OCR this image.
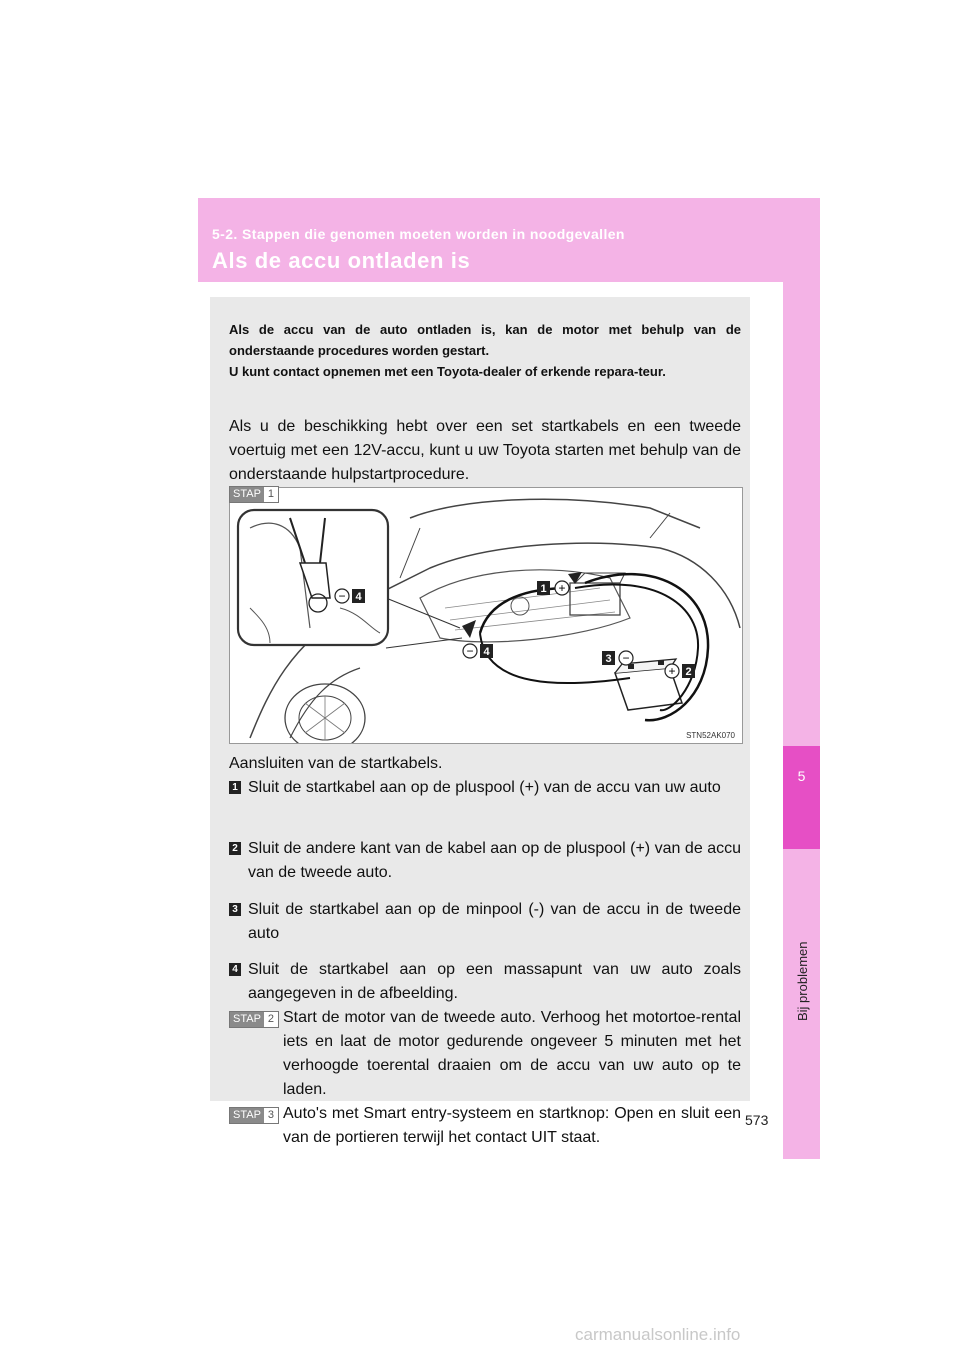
5-2. Stappen die genomen moeten worden in noodgevallen
Als de accu ontladen is
5
Bij problemen

Als de accu van de auto ontladen is, kan de motor met behulp van de onderstaande procedures worden gestart.

U kunt contact opnemen met een Toyota-dealer of erkende repara-teur.

Als u de beschikking hebt over een set startkabels en een tweede voertuig met een 12V-accu, kunt u uw Toyota starten met behulp van de onderstaande hulpstartprocedure.

− 4
1 +
− 4
3 −
+ 2
STN52AK070
STAP 1
Aansluiten van de startkabels.
1 Sluit de startkabel aan op de pluspool (+) van de accu van uw auto
2 Sluit de andere kant van de kabel aan op de pluspool (+) van de accu van de tweede auto.
3 Sluit de startkabel aan op de minpool (-) van de accu in de tweede auto
4 Sluit de startkabel aan op een massapunt van uw auto zoals aangegeven in de afbeelding.
STAP 2 Start de motor van de tweede auto. Verhoog het motortoe-rental iets en laat de motor gedurende ongeveer 5 minuten met het verhoogde toerental draaien om de accu van uw auto op te laden.
STAP 3 Auto's met Smart entry-systeem en startknop: Open en sluit een van de portieren terwijl het contact UIT staat.
573
carmanualsonline.info
